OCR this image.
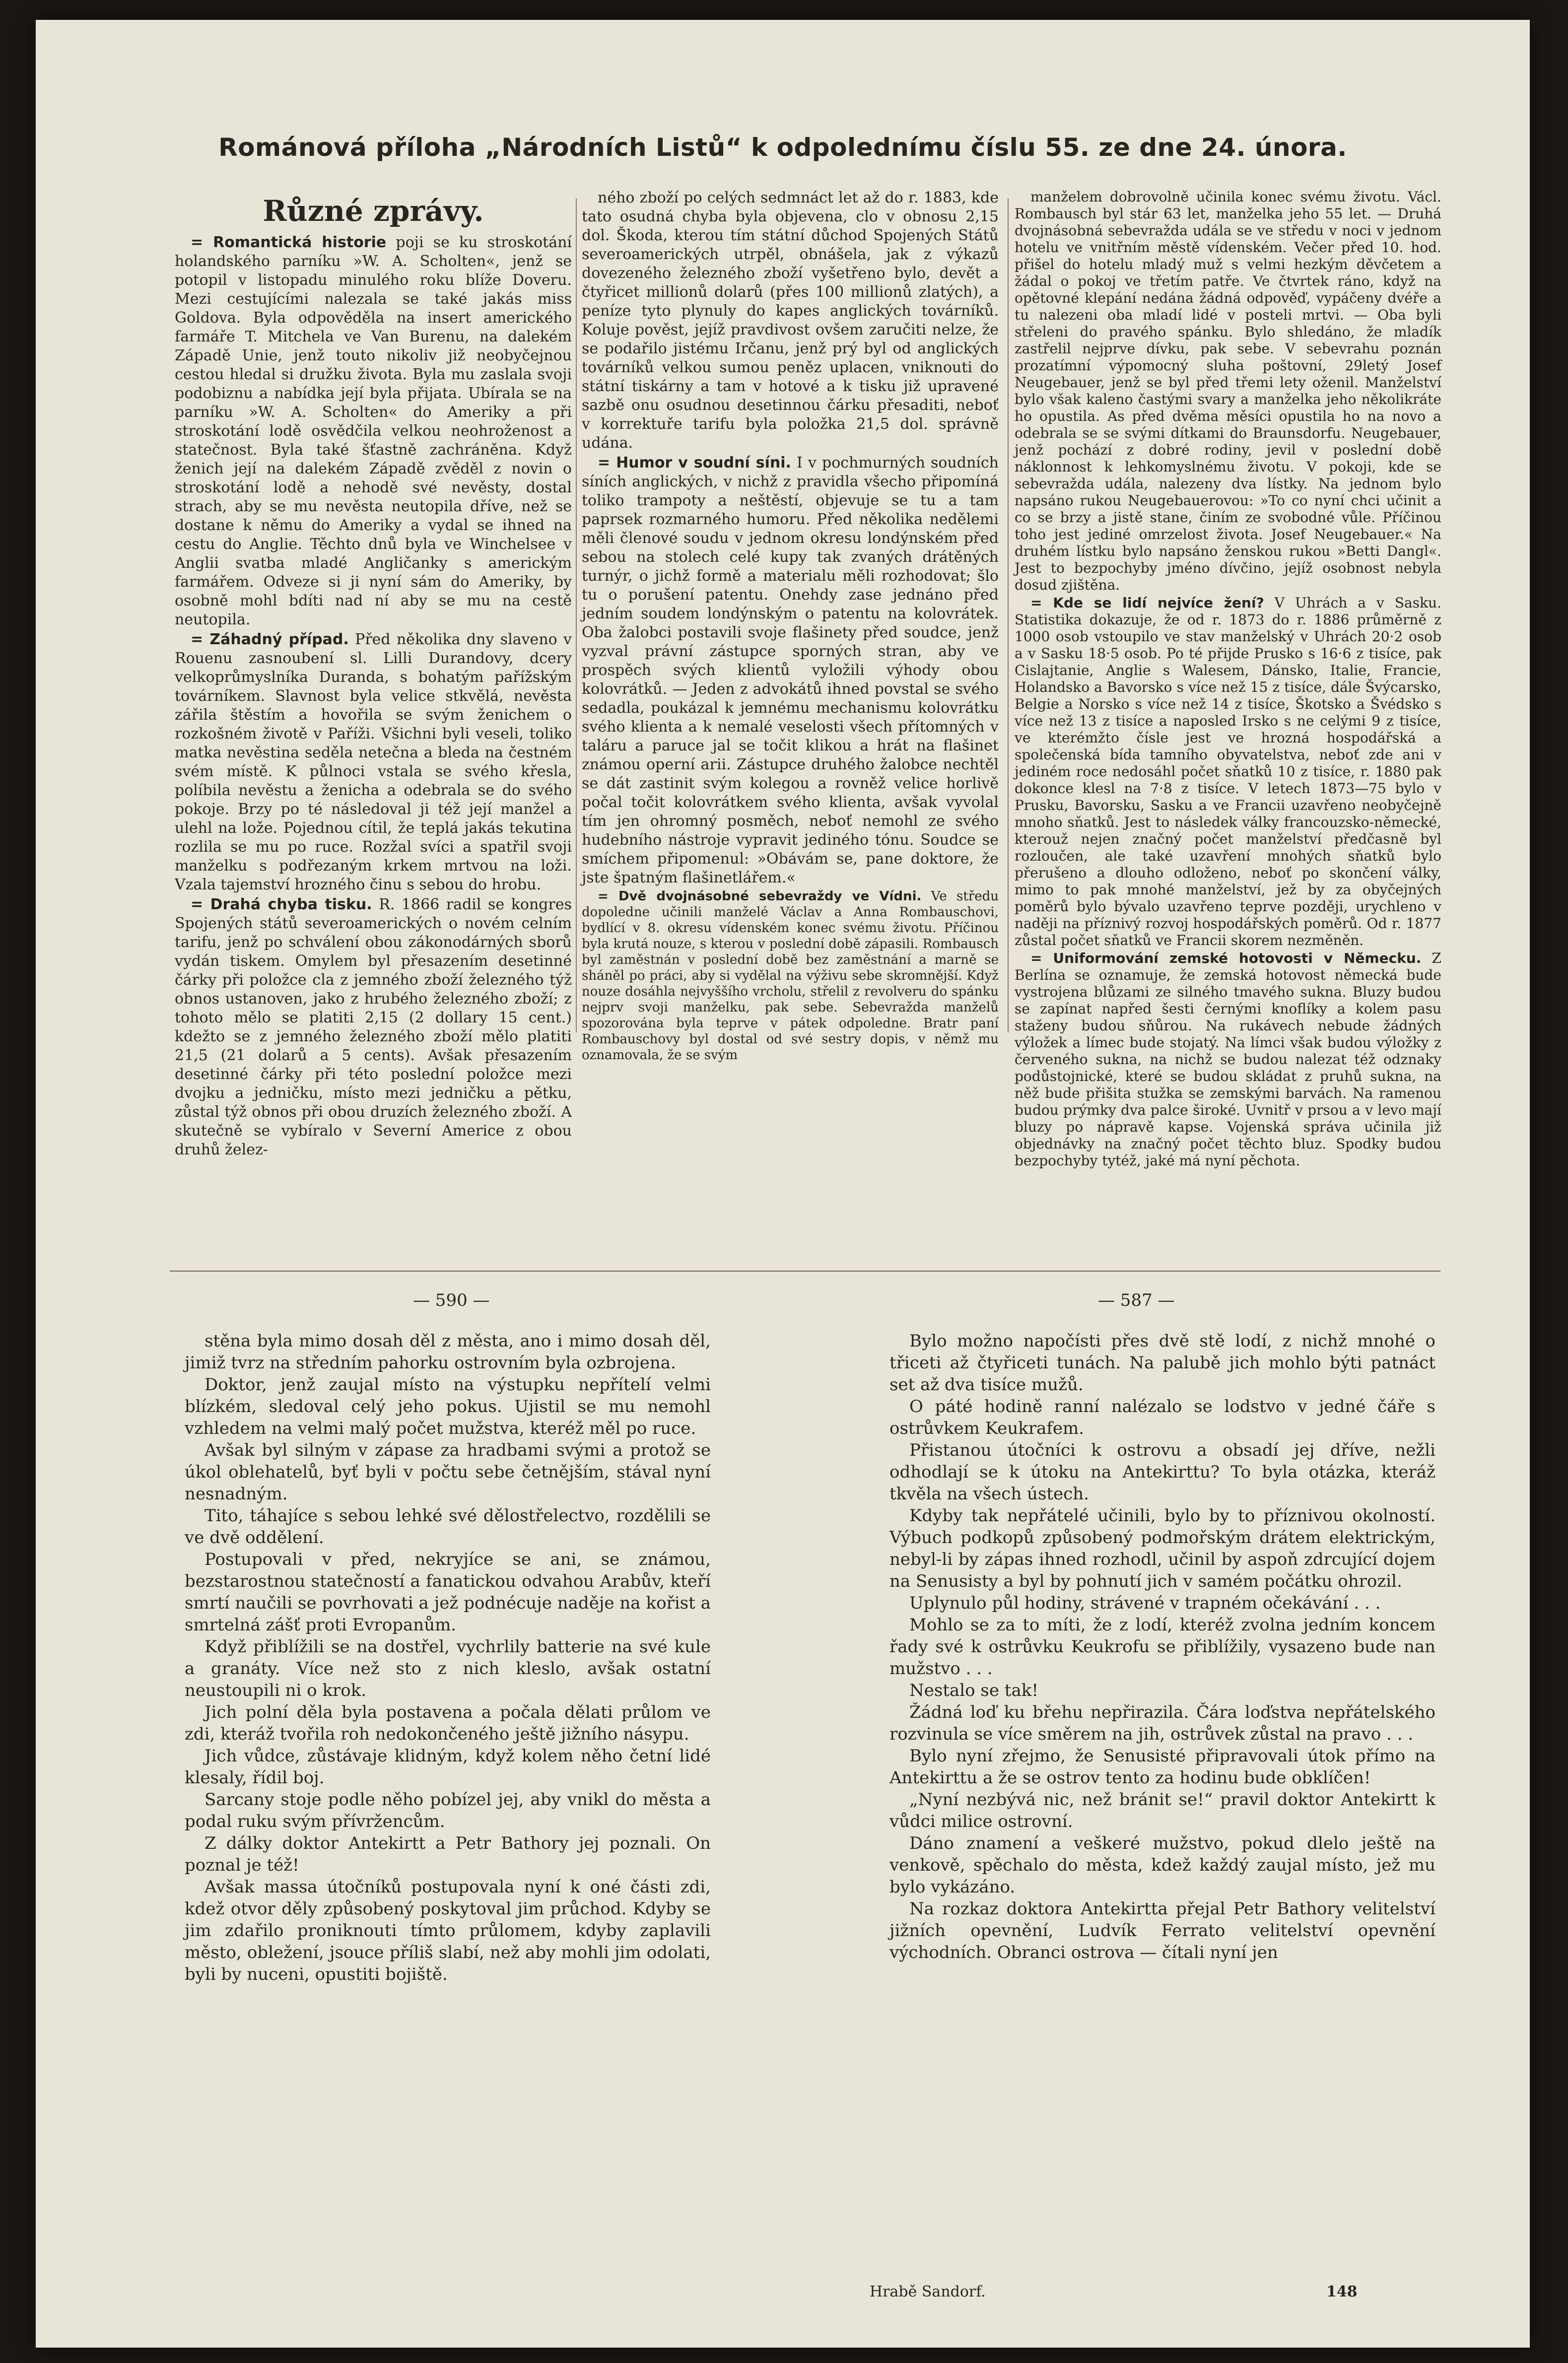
Románová příloha „Národních Listů“ k odpolednímu číslu 55. ze dne 24. února.
Různé zprávy.

= Romantická historie poji se ku stroskotání holandského parníku »W. A. Scholten«, jenž se potopil v listopadu minulého roku blíže Doveru. Mezi cestujícími nalezala se také jakás miss Goldova. Byla odpověděla na insert amerického farmáře T. Mitchela ve Van Burenu, na dalekém Západě Unie, jenž touto nikoliv již neobyčejnou cestou hledal si družku života. Byla mu zaslala svoji podobiznu a nabídka její byla přijata. Ubírala se na parníku »W. A. Scholten« do Ameriky a při stroskotání lodě osvědčila velkou neohroženost a statečnost. Byla také šťastně zachráněna. Když ženich její na dalekém Západě zvěděl z novin o stroskotání lodě a nehodě své nevěsty, dostal strach, aby se mu nevěsta neutopila dříve, než se dostane k němu do Ameriky a vydal se ihned na cestu do Anglie. Těchto dnů byla ve Winchelsee v Anglii svatba mladé Angličanky s americkým farmářem. Odveze si ji nyní sám do Ameriky, by osobně mohl bdíti nad ní aby se mu na cestě neutopila.

= Záhadný případ. Před několika dny slaveno v Rouenu zasnoubení sl. Lilli Durandovy, dcery velkoprůmyslníka Duranda, s bohatým pařížským továrníkem. Slavnost byla velice stkvělá, nevěsta zářila štěstím a hovořila se svým ženichem o rozkošném životě v Paříži. Všichni byli veseli, toliko matka nevěstina seděla netečna a bleda na čestném svém místě. K půlnoci vstala se svého křesla, políbila nevěstu a ženicha a odebrala se do svého pokoje. Brzy po té následoval ji též její manžel a ulehl na lože. Pojednou cítil, že teplá jakás tekutina rozlila se mu po ruce. Rozžal svíci a spatřil svoji manželku s podřezaným krkem mrtvou na loži. Vzala tajemství hrozného činu s sebou do hrobu.

= Drahá chyba tisku. R. 1866 radil se kongres Spojených států severoamerických o novém celním tarifu, jenž po schválení obou zákonodárných sborů vydán tiskem. Omylem byl přesazením desetinné čárky při položce cla z jemného zboží železného týž obnos ustanoven, jako z hrubého železného zboží; z tohoto mělo se platiti 2,15 (2 dollary 15 cent.) kdežto se z jemného železného zboží mělo platiti 21,5 (21 dolarů a 5 cents). Avšak přesazením desetinné čárky při této poslední položce mezi dvojku a jedničku, místo mezi jedničku a pětku, zůstal týž obnos při obou druzích železného zboží. A skutečně se vybíralo v Severní Americe z obou druhů želez-

ného zboží po celých sedmnáct let až do r. 1883, kde tato osudná chyba byla objevena, clo v obnosu 2,15 dol. Škoda, kterou tím státní důchod Spojených Států severoamerických utrpěl, obnášela, jak z výkazů dovezeného železného zboží vyšetřeno bylo, devět a čtyřicet millionů dolarů (přes 100 millionů zlatých), a peníze tyto plynuly do kapes anglických továrníků. Koluje pověst, jejíž pravdivost ovšem zaručiti nelze, že se podařilo jistému Irčanu, jenž prý byl od anglických továrníků velkou sumou peněz uplacen, vniknouti do státní tiskárny a tam v hotové a k tisku již upravené sazbě onu osudnou desetinnou čárku přesaditi, neboť v korrektuře tarifu byla položka 21,5 dol. správně udána.

= Humor v soudní síni. I v pochmurných soudních síních anglických, v nichž z pravidla všecho připomíná toliko trampoty a neštěstí, objevuje se tu a tam paprsek rozmarného humoru. Před několika nedělemi měli členové soudu v jednom okresu londýnském před sebou na stolech celé kupy tak zvaných drátěných turnýr, o jichž formě a materialu měli rozhodovat; šlo tu o porušení patentu. Onehdy zase jednáno před jedním soudem londýnským o patentu na kolovrátek. Oba žalobci postavili svoje flašinety před soudce, jenž vyzval právní zástupce sporných stran, aby ve prospěch svých klientů vyložili výhody obou kolovrátků. — Jeden z advokátů ihned povstal se svého sedadla, poukázal k jemnému mechanismu kolovrátku svého klienta a k nemalé veselosti všech přítomných v taláru a paruce jal se točit klikou a hrát na flašinet známou operní arii. Zástupce druhého žalobce nechtěl se dát zastinit svým kolegou a rovněž velice horlivě počal točit kolovrátkem svého klienta, avšak vyvolal tím jen ohromný posměch, neboť nemohl ze svého hudebního nástroje vypravit jediného tónu. Soudce se smíchem připomenul: »Obávám se, pane doktore, že jste špatným flašinetlářem.«

= Dvě dvojnásobné sebevraždy ve Vídni. Ve středu dopoledne učinili manželé Václav a Anna Rombauschovi, bydlící v 8. okresu vídenském konec svému životu. Příčinou byla krutá nouze, s kterou v poslední době zápasili. Rombausch byl zaměstnán v poslední době bez zaměstnání a marně se sháněl po práci, aby si vydělal na výživu sebe skromnější. Když nouze dosáhla nejvyššího vrcholu, střelil z revolveru do spánku nejprv svoji manželku, pak sebe. Sebevražda manželů spozorována byla teprve v pátek odpoledne. Bratr paní Rombauschovy byl dostal od své sestry dopis, v němž mu oznamovala, že se svým

manželem dobrovolně učinila konec svému životu. Václ. Rombausch byl stár 63 let, manželka jeho 55 let. — Druhá dvojnásobná sebevražda udála se ve středu v noci v jednom hotelu ve vnitřním městě vídenském. Večer před 10. hod. přišel do hotelu mladý muž s velmi hezkým děvčetem a žádal o pokoj ve třetím patře. Ve čtvrtek ráno, když na opětovné klepání nedána žádná odpověď, vypáčeny dvéře a tu nalezeni oba mladí lidé v posteli mrtvi. — Oba byli střeleni do pravého spánku. Bylo shledáno, že mladík zastřelil nejprve dívku, pak sebe. V sebevrahu poznán prozatímní výpomocný sluha poštovní, 29letý Josef Neugebauer, jenž se byl před třemi lety oženil. Manželství bylo však kaleno častými svary a manželka jeho několikráte ho opustila. As před dvěma měsíci opustila ho na novo a odebrala se se svými dítkami do Braunsdorfu. Neugebauer, jenž pochází z dobré rodiny, jevil v poslední době náklonnost k lehkomyslnému životu. V pokoji, kde se sebevražda udála, nalezeny dva lístky. Na jednom bylo napsáno rukou Neugebauerovou: »To co nyní chci učinit a co se brzy a jistě stane, činím ze svobodné vůle. Příčinou toho jest jediné omrzelost života. Josef Neugebauer.« Na druhém lístku bylo napsáno ženskou rukou »Betti Dangl«. Jest to bezpochyby jméno dívčino, jejíž osobnost nebyla dosud zjištěna.

= Kde se lidí nejvíce žení? V Uhrách a v Sasku. Statistika dokazuje, že od r. 1873 do r. 1886 průměrně z 1000 osob vstoupilo ve stav manželský v Uhrách 20·2 osob a v Sasku 18·5 osob. Po té přijde Prusko s 16·6 z tisíce, pak Cislajtanie, Anglie s Walesem, Dánsko, Italie, Francie, Holandsko a Bavorsko s více než 15 z tisíce, dále Švýcarsko, Belgie a Norsko s více než 14 z tisíce, Škotsko a Švédsko s více než 13 z tisíce a naposled Irsko s ne celými 9 z tisíce, ve kterémžto čísle jest ve hrozná hospodářská a společenská bída tamního obyvatelstva, neboť zde ani v jediném roce nedosáhl počet sňatků 10 z tisíce, r. 1880 pak dokonce klesl na 7·8 z tisíce. V letech 1873—75 bylo v Prusku, Bavorsku, Sasku a ve Francii uzavřeno neobyčejně mnoho sňatků. Jest to následek války francouzsko-německé, kterouž nejen značný počet manželství předčasně byl rozloučen, ale také uzavření mnohých sňatků bylo přerušeno a dlouho odloženo, neboť po skončení války, mimo to pak mnohé manželství, jež by za obyčejných poměrů bylo bývalo uzavřeno teprve později, urychleno v naději na příznivý rozvoj hospodářských poměrů. Od r. 1877 zůstal počet sňatků ve Francii skorem nezměněn.

= Uniformování zemské hotovosti v Německu. Z Berlína se oznamuje, že zemská hotovost německá bude vystrojena blůzami ze silného tmavého sukna. Bluzy budou se zapínat napřed šesti černými knoflíky a kolem pasu staženy budou sňůrou. Na rukávech nebude žádných výložek a límec bude stojatý. Na límci však budou výložky z červeného sukna, na nichž se budou nalezat též odznaky podůstojnické, které se budou skládat z pruhů sukna, na něž bude přišita stužka se zemskými barvách. Na ramenou budou prýmky dva palce široké. Uvnitř v prsou a v levo mají bluzy po nápravě kapse. Vojenská správa učinila již objednávky na značný počet těchto bluz. Spodky budou bezpochyby tytéž, jaké má nyní pěchota.

— 590 —	— 587 —

stěna byla mimo dosah děl z města, ano i mimo dosah děl, jimiž tvrz na středním pahorku ostrovním byla ozbrojena.

Doktor, jenž zaujal místo na výstupku nepřítelí velmi blízkém, sledoval celý jeho pokus. Ujistil se mu nemohl vzhledem na velmi malý počet mužstva, kteréž měl po ruce.

Avšak byl silným v zápase za hradbami svými a protož se úkol oblehatelů, byť byli v počtu sebe četnějším, stával nyní nesnadným.

Tito, táhajíce s sebou lehké své dělostřelectvo, rozdělili se ve dvě oddělení.

Postupovali v před, nekryjíce se ani, se známou, bezstarostnou statečností a fanatickou odvahou Arabův, kteří smrtí naučili se povrhovati a jež podnécuje naděje na kořist a smrtelná zášť proti Evropanům.

Když přiblížili se na dostřel, vychrlily batterie na své kule a granáty. Více než sto z nich kleslo, avšak ostatní neustoupili ni o krok.

Jich polní děla byla postavena a počala dělati průlom ve zdi, kteráž tvořila roh nedokončeného ještě jižního násypu.

Jich vůdce, zůstávaje klidným, když kolem něho četní lidé klesaly, řídil boj.

Sarcany stoje podle něho pobízel jej, aby vnikl do města a podal ruku svým přívržencům.

Z dálky doktor Antekirtt a Petr Bathory jej poznali. On poznal je též!

Avšak massa útočníků postupovala nyní k oné části zdi, kdež otvor děly způsobený poskytoval jim průchod. Kdyby se jim zdařilo proniknouti tímto průlomem, kdyby zaplavili město, obležení, jsouce příliš slabí, než aby mohli jim odolati, byli by nuceni, opustiti bojiště.

Bylo možno napočísti přes dvě stě lodí, z nichž mnohé o třiceti až čtyřiceti tunách. Na palubě jich mohlo býti patnáct set až dva tisíce mužů.

O páté hodině ranní nalézalo se lodstvo v jedné čáře s ostrůvkem Keukrafem.

Přistanou útočníci k ostrovu a obsadí jej dříve, nežli odhodlají se k útoku na Antekirttu? To byla otázka, kteráž tkvěla na všech ústech.

Kdyby tak nepřátelé učinili, bylo by to příznivou okolností. Výbuch podkopů způsobený podmořským drátem elektrickým, nebyl-li by zápas ihned rozhodl, učinil by aspoň zdrcující dojem na Senusisty a byl by pohnutí jich v samém počátku ohrozil.

Uplynulo půl hodiny, strávené v trapném očekávání . . .

Mohlo se za to míti, že z lodí, kteréž zvolna jedním koncem řady své k ostrůvku Keukrofu se přiblížily, vysazeno bude nan mužstvo . . .

Nestalo se tak!

Žádná loď ku břehu nepřirazila. Čára loďstva nepřátelského rozvinula se více směrem na jih, ostrůvek zůstal na pravo . . .

Bylo nyní zřejmo, že Senusisté připravovali útok přímo na Antekirttu a že se ostrov tento za hodinu bude obklíčen!

„Nyní nezbývá nic, než bránit se!“ pravil doktor Antekirtt k vůdci milice ostrovní.

Dáno znamení a veškeré mužstvo, pokud dlelo ještě na venkově, spěchalo do města, kdež každý zaujal místo, jež mu bylo vykázáno.

Na rozkaz doktora Antekirtta přejal Petr Bathory velitelství jižních opevnění, Ludvík Ferrato velitelství opevnění východních. Obranci ostrova — čítali nyní jen

Hrabě Sandorf.	148
